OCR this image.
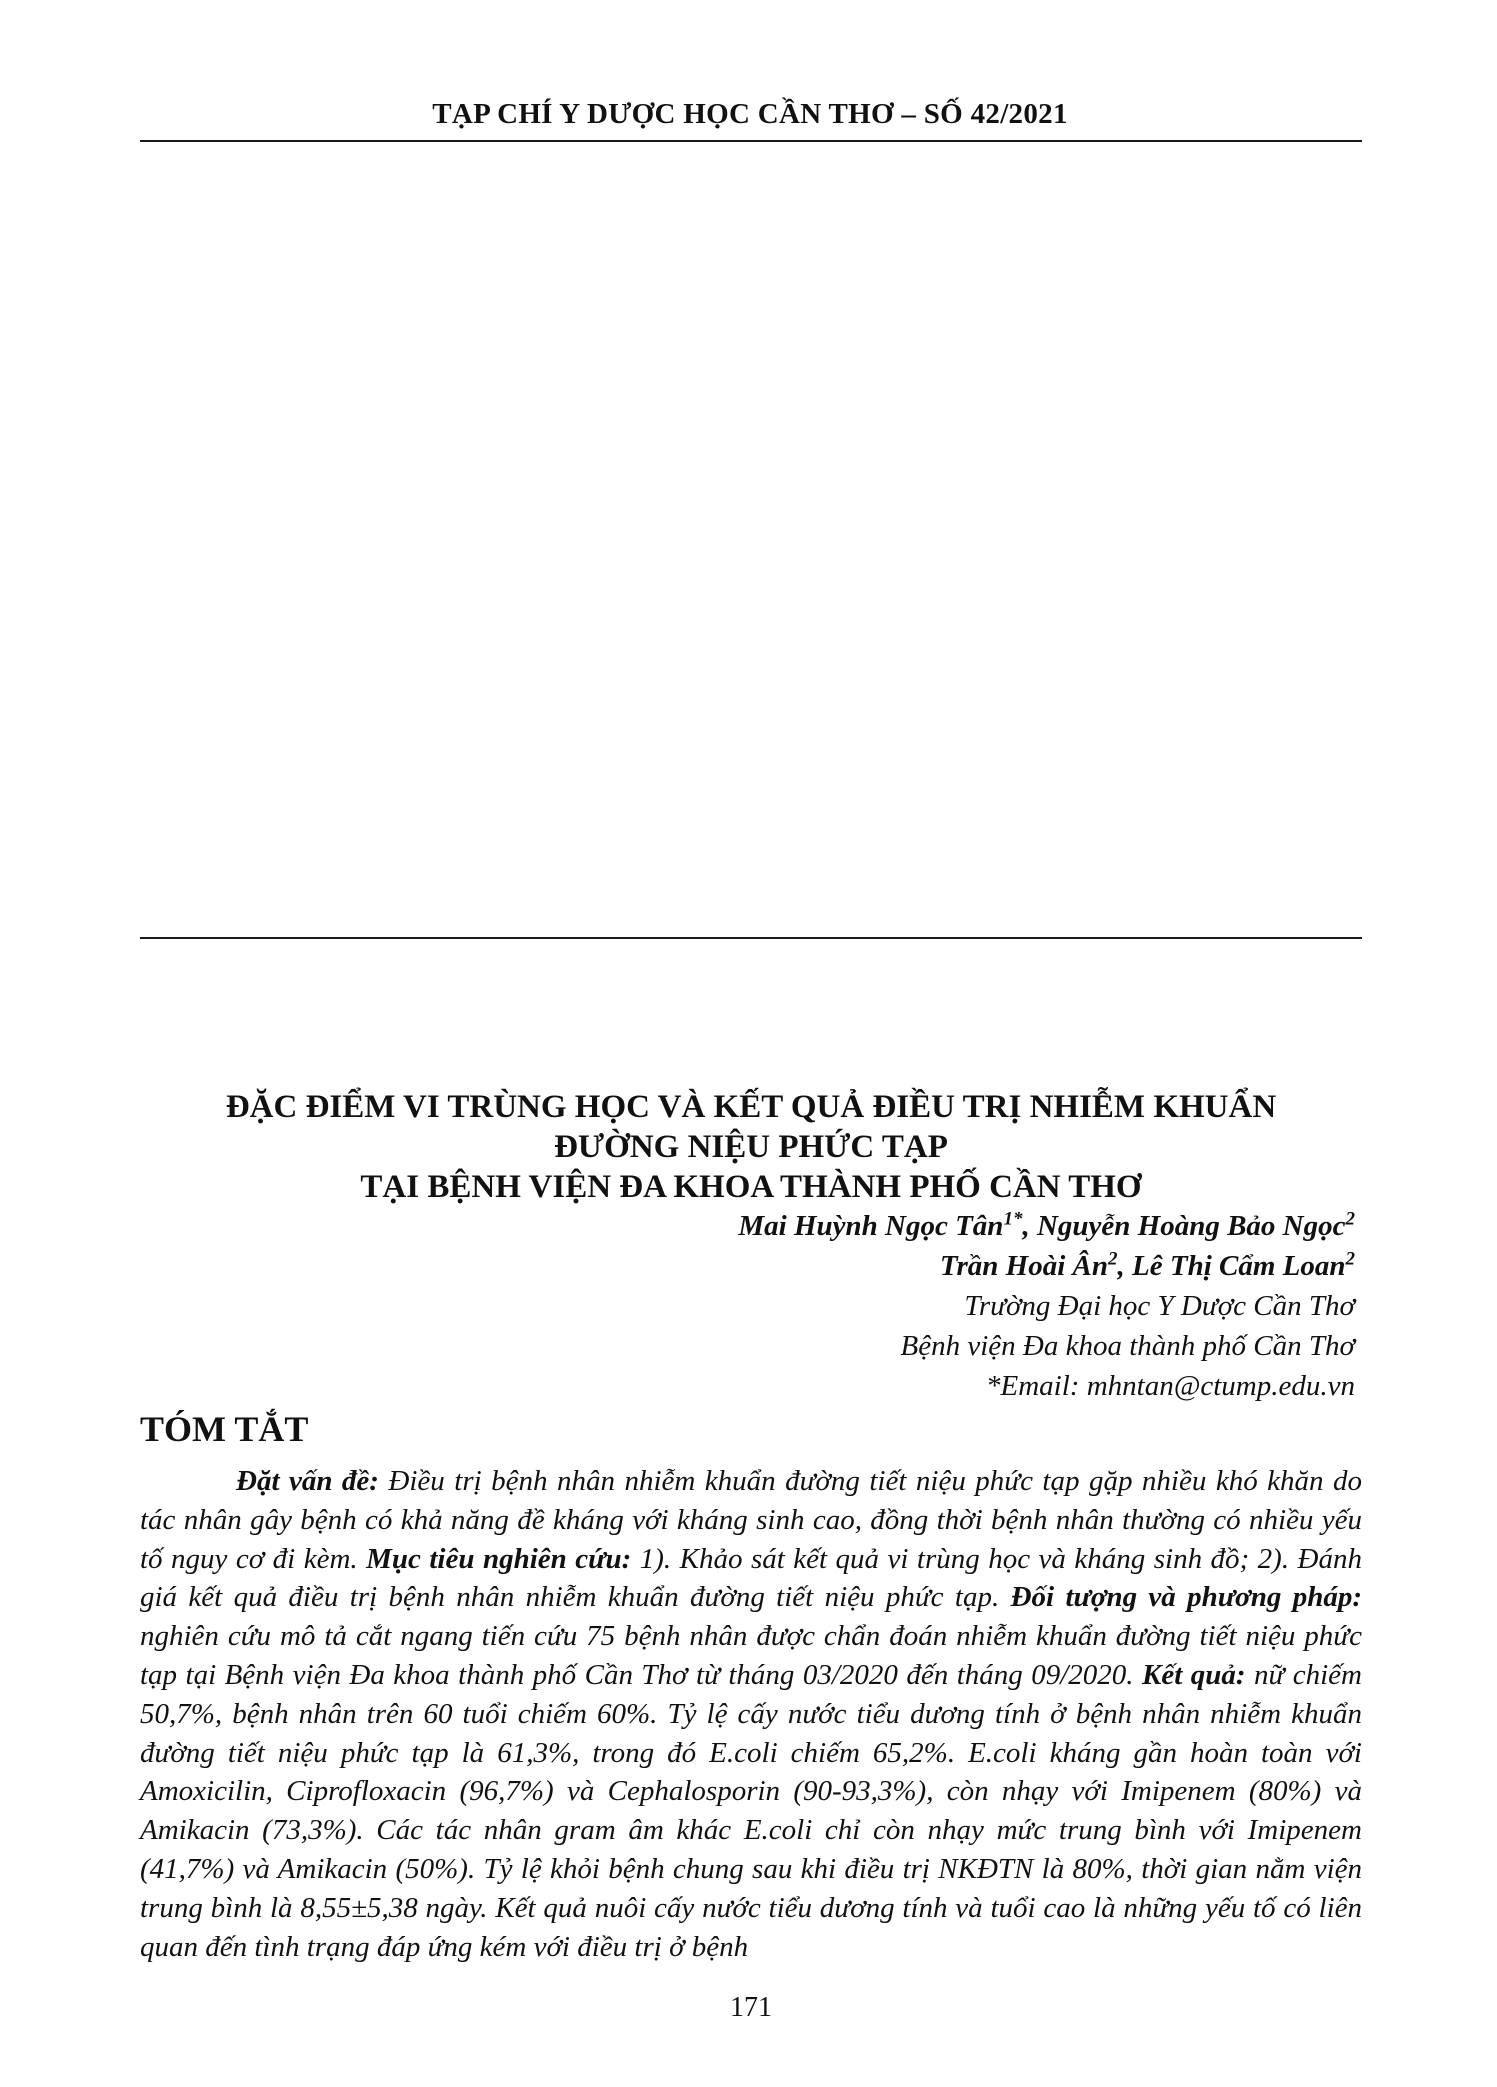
TẠP CHÍ Y DƯỢC HỌC CẦN THƠ – SỐ 42/2021
ĐẶC ĐIỂM VI TRÙNG HỌC VÀ KẾT QUẢ ĐIỀU TRỊ NHIỄM KHUẨN
ĐƯỜNG NIỆU PHỨC TẠP
TẠI BỆNH VIỆN ĐA KHOA THÀNH PHỐ CẦN THƠ
Mai Huỳnh Ngọc Tân$^{1*}$, Nguyễn Hoàng Bảo Ngọc$^2$
Trần Hoài $Ân^2$, Lê Thị Cẩm Loan$^2$
Trường Đại học Y Dược Cần Thơ
Bệnh viện Đa khoa thành phố Cần Thơ
*Email: mhntan@ctump.edu.vn
TÓM TẮT

Đặt vấn đề: Điều trị bệnh nhân nhiễm khuẩn đường tiết niệu phức tạp gặp nhiều khó khăn do tác nhân gây bệnh có khả năng đề kháng với kháng sinh cao, đồng thời bệnh nhân thường có nhiều yếu tố nguy cơ đi kèm. Mục tiêu nghiên cứu: 1). Khảo sát kết quả vi trùng học và kháng sinh đồ; 2). Đánh giá kết quả điều trị bệnh nhân nhiễm khuẩn đường tiết niệu phức tạp. Đối tượng và phương pháp: nghiên cứu mô tả cắt ngang tiến cứu 75 bệnh nhân được chẩn đoán nhiễm khuẩn đường tiết niệu phức tạp tại Bệnh viện Đa khoa thành phố Cần Thơ từ tháng 03/2020 đến tháng 09/2020. Kết quả: nữ chiếm 50,7%, bệnh nhân trên 60 tuổi chiếm 60%. Tỷ lệ cấy nước tiểu dương tính ở bệnh nhân nhiễm khuẩn đường tiết niệu phức tạp là 61,3%, trong đó E.coli chiếm 65,2%. E.coli kháng gần hoàn toàn với Amoxicilin, Ciprofloxacin (96,7%) và Cephalosporin (90-93,3%), còn nhạy với Imipenem (80%) và Amikacin (73,3%). Các tác nhân gram âm khác E.coli chỉ còn nhạy mức trung bình với Imipenem (41,7%) và Amikacin (50%). Tỷ lệ khỏi bệnh chung sau khi điều trị NKĐTN là 80%, thời gian nằm viện trung bình là 8,55±5,38 ngày. Kết quả nuôi cấy nước tiểu dương tính và tuổi cao là những yếu tố có liên quan đến tình trạng đáp ứng kém với điều trị ở bệnh

171
